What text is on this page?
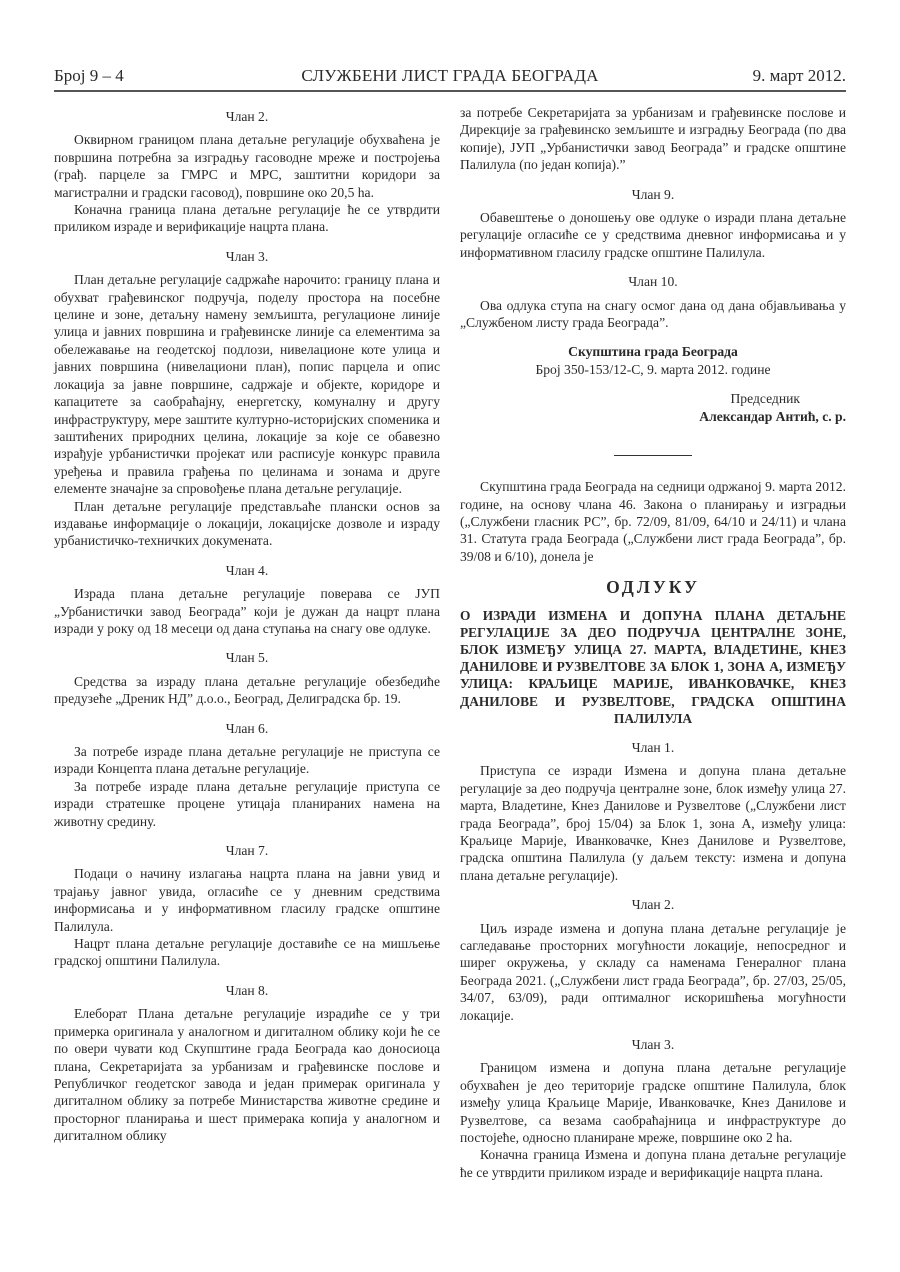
Број 9 – 4	СЛУЖБЕНИ ЛИСТ ГРАДА БЕОГРАДА	9. март 2012.
Члан 2.

Оквирном границом плана детаљне регулације обухваћена је површина потребна за изградњу гасоводне мреже и постројења (грађ. парцеле за ГМРС и МРС, заштитни коридори за магистрални и градски гасовод), површине око 20,5 ha.

Коначна граница плана детаљне регулације ће се утврдити приликом израде и верификације нацрта плана.

Члан 3.

План детаљне регулације садржаће нарочито: границу плана и обухват грађевинског подручја, поделу простора на посебне целине и зоне, детаљну намену земљишта, регулационе линије улица и јавних површина и грађевинске линије са елементима за обележавање на геодетској подлози, нивелационе коте улица и јавних површина (нивелациони план), попис парцела и опис локација за јавне површине, садржаје и објекте, коридоре и капацитете за саобраћајну, енергетску, комуналну и другу инфраструктуру, мере заштите културно-историјских споменика и заштићених природних целина, локације за које се обавезно израђује урбанистички пројекат или расписује конкурс правила уређења и правила грађења по целинама и зонама и друге елементе значајне за спровођење плана детаљне регулације.

План детаљне регулације представљаће плански основ за издавање информације о локацији, локацијске дозволе и израду урбанистичко-техничких докумената.

Члан 4.

Израда плана детаљне регулације поверава се ЈУП „Урбанистички завод Београда” који је дужан да нацрт плана изради у року од 18 месеци од дана ступања на снагу ове одлуке.

Члан 5.

Средства за израду плана детаљне регулације обезбедиће предузеће „Дреник НД” д.о.о., Београд, Делиградска бр. 19.

Члан 6.

За потребе израде плана детаљне регулације не приступа се изради Концепта плана детаљне регулације.

За потребе израде плана детаљне регулације приступа се изради стратешке процене утицаја планираних намена на животну средину.

Члан 7.

Подаци о начину излагања нацрта плана на јавни увид и трајању јавног увида, огласиће се у дневним средствима информисања и у информативном гласилу градске општине Палилула.

Нацрт плана детаљне регулације доставиће се на мишљење градској општини Палилула.

Члан 8.

Елеборат Плана детаљне регулације израдиће се у три примерка оригинала у аналогном и дигиталном облику који ће се по овери чувати код Скупштине града Београда као доносиоца плана, Секретаријата за урбанизам и грађевинске послове и Републичког геодетског завода и један примерак оригинала у дигиталном облику за потребе Министарства животне средине и просторног планирања и шест примерака копија у аналогном и дигиталном облику

за потребе Секретаријата за урбанизам и грађевинске послове и Дирекције за грађевинско земљиште и изградњу Београда (по два копије), ЈУП „Урбанистички завод Београда” и градске општине Палилула (по један копија).”

Члан 9.

Обавештење о доношењу ове одлуке о изради плана детаљне регулације огласиће се у средствима дневног информисања и у информативном гласилу градске општине Палилула.

Члан 10.

Ова одлука ступа на снагу осмог дана од дана објављивања у „Службеном листу града Београда”.

Скупштина града Београда
Број 350-153/12-С, 9. марта 2012. године
Председник
Александар Антић, с. р.

Скупштина града Београда на седници одржаној 9. марта 2012. године, на основу члана 46. Закона о планирању и изградњи („Службени гласник РС”, бр. 72/09, 81/09, 64/10 и 24/11) и члана 31. Статута града Београда („Службени лист града Београда”, бр. 39/08 и 6/10), донела је

ОДЛУКУ
О ИЗРАДИ ИЗМЕНА И ДОПУНА ПЛАНА ДЕТАЉНЕ РЕГУЛАЦИЈЕ ЗА ДЕО ПОДРУЧЈА ЦЕНТРАЛНЕ ЗОНЕ, БЛОК ИЗМЕЂУ УЛИЦА 27. МАРТА, ВЛАДЕТИНЕ, КНЕЗ ДАНИЛОВЕ И РУЗВЕЛТОВЕ ЗА БЛОК 1, ЗОНА А, ИЗМЕЂУ УЛИЦА: КРАЉИЦЕ МАРИЈЕ, ИВАНКОВАЧКЕ, КНЕЗ ДАНИЛОВЕ И РУЗВЕЛТОВЕ, ГРАДСКА ОПШТИНА ПАЛИЛУЛА
Члан 1.

Приступа се изради Измена и допуна плана детаљне регулације за део подручја централне зоне, блок између улица 27. марта, Владетине, Кнез Данилове и Рузвелтове („Службени лист града Београда”, број 15/04) за Блок 1, зона А, између улица: Краљице Марије, Иванковачке, Кнез Данилове и Рузвелтове, градска општина Палилула (у даљем тексту: измена и допуна плана детаљне регулације).

Члан 2.

Циљ израде измена и допуна плана детаљне регулације је сагледавање просторних могућности локације, непосредног и ширег окружења, у складу са наменама Генералног плана Београда 2021. („Службени лист града Београда”, бр. 27/03, 25/05, 34/07, 63/09), ради оптималног искоришћења могућности локације.

Члан 3.

Границом измена и допуна плана детаљне регулације обухваћен је део територије градске општине Палилула, блок између улица Краљице Марије, Иванковачке, Кнез Данилове и Рузвелтове, са везама саобраћајница и инфраструктуре до постојеће, односно планиране мреже, површине око 2 ha.

Коначна граница Измена и допуна плана детаљне регулације ће се утврдити приликом израде и верификације нацрта плана.
